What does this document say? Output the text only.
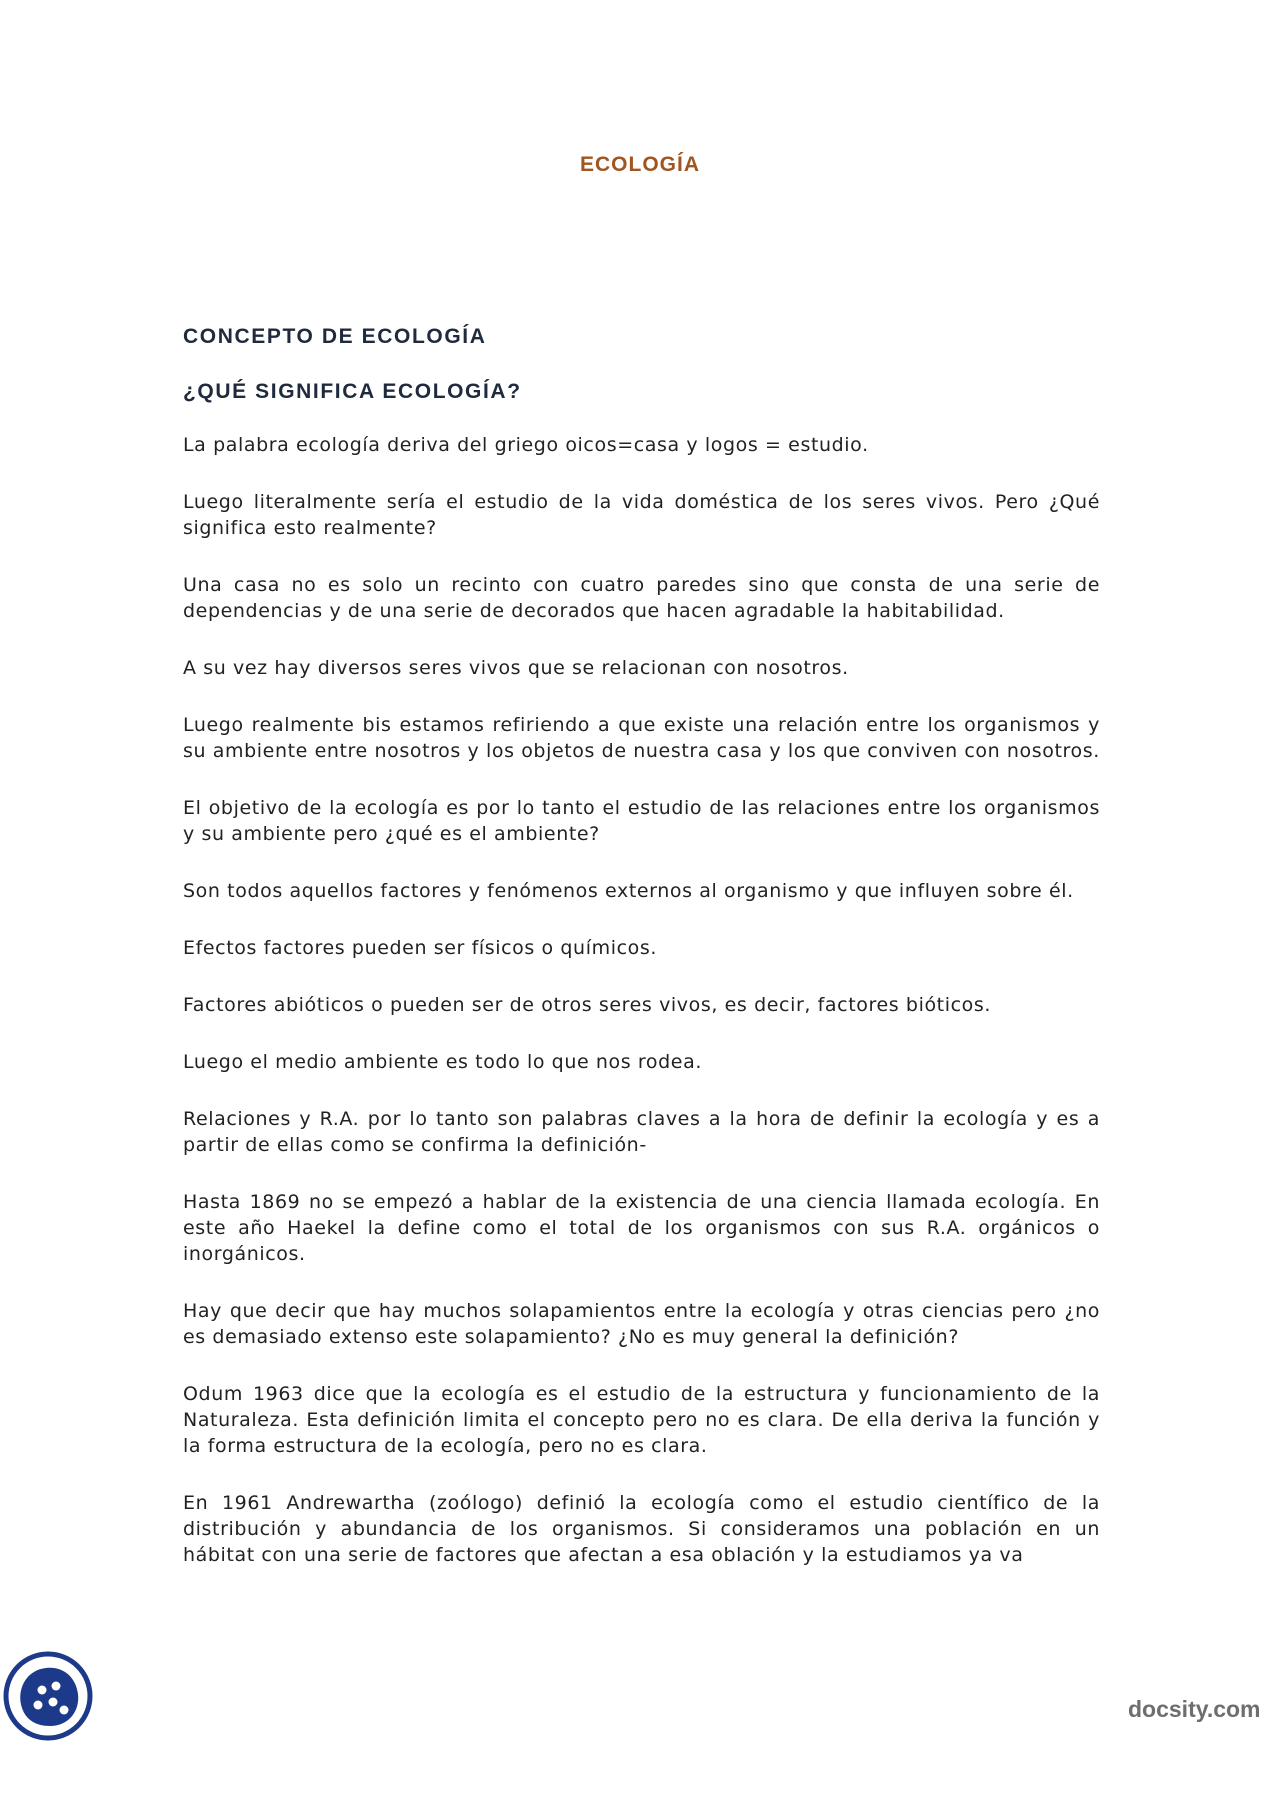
ECOLOGÍA
CONCEPTO DE ECOLOGÍA
¿QUÉ SIGNIFICA ECOLOGÍA?
La palabra ecología deriva del griego oicos=casa y logos = estudio.
Luego literalmente sería el estudio de la vida doméstica de los seres vivos. Pero ¿Qué significa esto realmente?
Una casa no es solo un recinto con cuatro paredes sino que consta de una serie de dependencias y de una serie de decorados que hacen agradable la habitabilidad.
A su vez hay diversos seres vivos que se relacionan con nosotros.
Luego realmente bis estamos refiriendo a que existe una relación entre los organismos y su ambiente entre nosotros y los objetos de nuestra casa y los que conviven con nosotros.
El objetivo de la ecología es por lo tanto el estudio de las relaciones entre los organismos y su ambiente pero ¿qué es el ambiente?
Son todos aquellos factores y fenómenos externos al organismo y que influyen sobre él.
Efectos factores pueden ser físicos o químicos.
Factores abióticos o pueden ser de otros seres vivos, es decir, factores bióticos.
Luego el medio ambiente es todo lo que nos rodea.
Relaciones y R.A. por lo tanto son palabras claves a la hora de definir la ecología y es a partir de ellas como se confirma la definición-
Hasta 1869 no se empezó a hablar de la existencia de una ciencia llamada ecología. En este año Haekel la define como el total de los organismos con sus R.A. orgánicos o inorgánicos.
Hay que decir que hay muchos solapamientos entre la ecología y otras ciencias pero ¿no es demasiado extenso este solapamiento? ¿No es muy general la definición?
Odum 1963 dice que la ecología es el estudio de la estructura y funcionamiento de la Naturaleza. Esta definición limita el concepto pero no es clara. De ella deriva la función y la forma estructura de la ecología, pero no es clara.
En 1961 Andrewartha (zoólogo) definió la ecología como el estudio científico de la distribución y abundancia de los organismos. Si consideramos una población en un hábitat con una serie de factores que afectan a esa oblación y la estudiamos ya va
docsity.com
